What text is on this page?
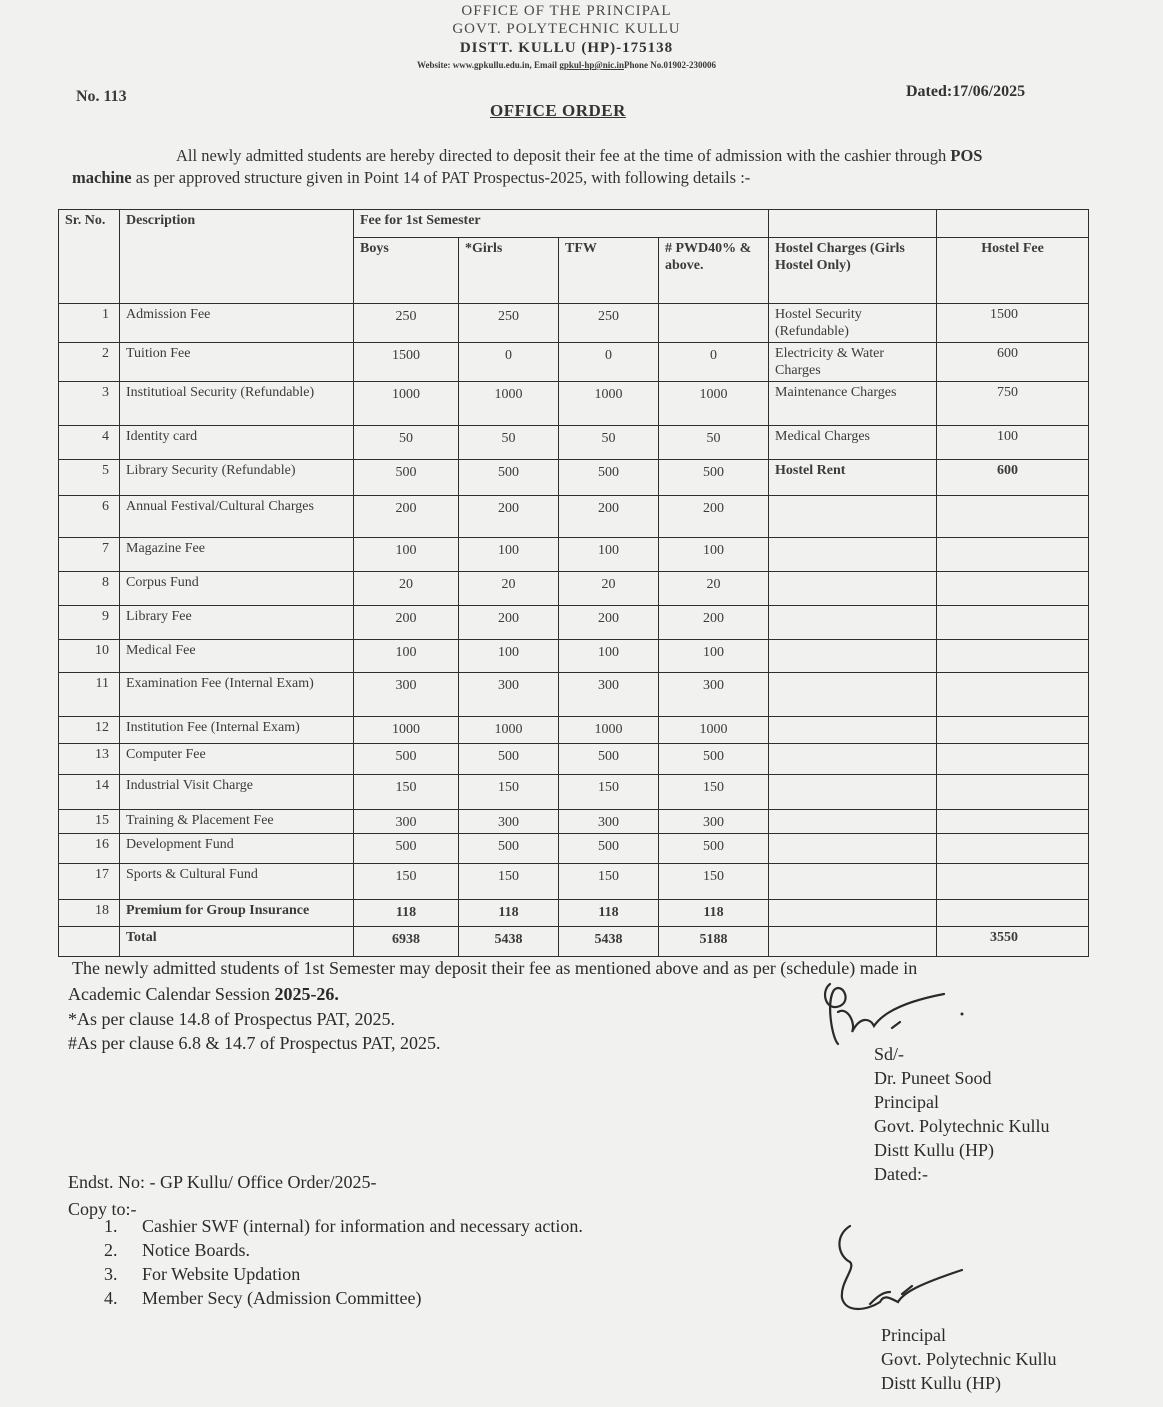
OFFICE OF THE PRINCIPAL
GOVT. POLYTECHNIC KULLU
DISTT. KULLU (HP)-175138
Website: www.gpkullu.edu.in, Email gpkul-hp@nic.inPhone No.01902-230006
No. 113	Dated:17/06/2025
OFFICE ORDER

All newly admitted students are hereby directed to deposit their fee at the time of admission with the cashier through POS machine as per approved structure given in Point 14 of PAT Prospectus-2025, with following details :-

Sr. No.	Description	Fee for 1st Semester					
		Boys	*Girls	TFW	# PWD40% & above.	Hostel Charges (Girls Hostel Only)	Hostel Fee
1	Admission Fee	250	250	250		Hostel Security (Refundable)	1500
2	Tuition Fee	1500	0	0	0	Electricity & Water Charges	600
3	Institutioal Security (Refundable)	1000	1000	1000	1000	Maintenance Charges	750
4	Identity card	50	50	50	50	Medical Charges	100
5	Library Security (Refundable)	500	500	500	500	Hostel Rent	600
6	Annual Festival/Cultural Charges	200	200	200	200		
7	Magazine Fee	100	100	100	100		
8	Corpus Fund	20	20	20	20		
9	Library Fee	200	200	200	200		
10	Medical Fee	100	100	100	100		
11	Examination Fee (Internal Exam)	300	300	300	300		
12	Institution Fee (Internal Exam)	1000	1000	1000	1000		
13	Computer Fee	500	500	500	500		
14	Industrial Visit Charge	150	150	150	150		
15	Training & Placement Fee	300	300	300	300		
16	Development Fund	500	500	500	500		
17	Sports & Cultural Fund	150	150	150	150		
18	Premium for Group Insurance	118	118	118	118		
	Total	6938	5438	5438	5188		3550
The newly admitted students of 1st Semester may deposit their fee as mentioned above and as per (schedule) made in
Academic Calendar Session 2025-26.
*As per clause 14.8 of Prospectus PAT, 2025.
#As per clause 6.8 & 14.7 of Prospectus PAT, 2025.
Sd/-
Dr. Puneet Sood
Principal
Govt. Polytechnic Kullu
Distt Kullu (HP)
Dated:-
Endst. No: - GP Kullu/ Office Order/2025-
Copy to:-
1. Cashier SWF (internal) for information and necessary action.
2. Notice Boards.
3. For Website Updation
4. Member Secy (Admission Committee)
Principal
Govt. Polytechnic Kullu
Distt Kullu (HP)
